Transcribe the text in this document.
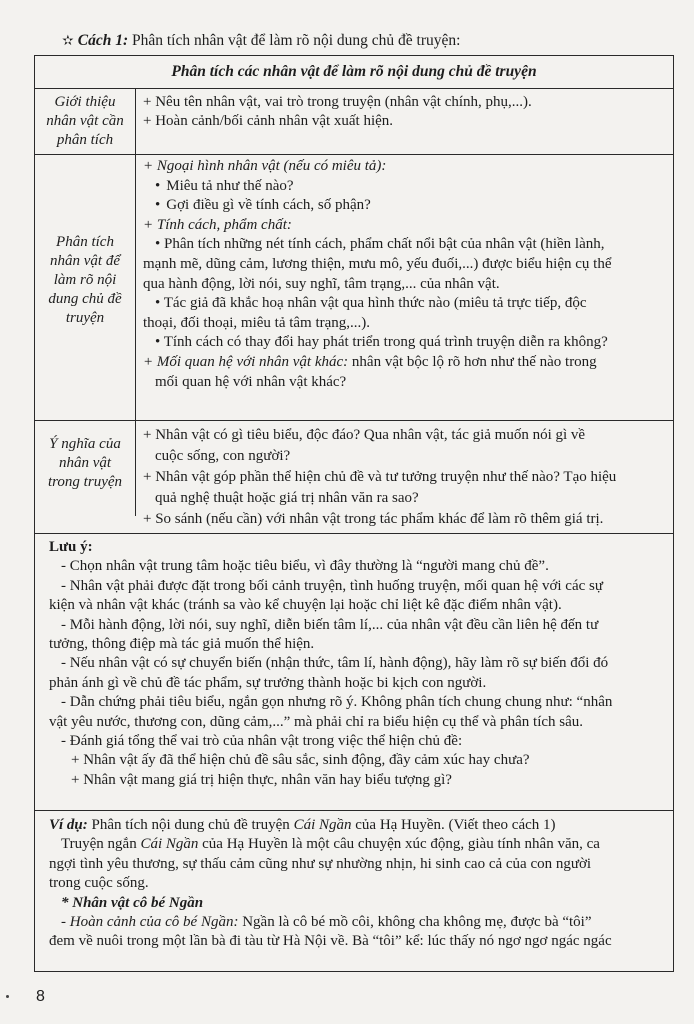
✫ Cách 1: Phân tích nhân vật để làm rõ nội dung chủ đề truyện:
Phân tích các nhân vật để làm rõ nội dung chủ đề truyện
Giới thiệu
nhân vật cần
phân tích
+ Nêu tên nhân vật, vai trò trong truyện (nhân vật chính, phụ,...).
+ Hoàn cảnh/bối cảnh nhân vật xuất hiện.
Phân tích
nhân vật để
làm rõ nội
dung chủ đề
truyện
+ Ngoại hình nhân vật (nếu có miêu tả):
• Miêu tả như thế nào?
• Gợi điều gì về tính cách, số phận?
+ Tính cách, phẩm chất:
• Phân tích những nét tính cách, phẩm chất nổi bật của nhân vật (hiền lành,
mạnh mẽ, dũng cảm, lương thiện, mưu mô, yếu đuối,...) được biểu hiện cụ thể
qua hành động, lời nói, suy nghĩ, tâm trạng,... của nhân vật.
• Tác giả đã khắc hoạ nhân vật qua hình thức nào (miêu tả trực tiếp, độc
thoại, đối thoại, miêu tả tâm trạng,...).
• Tính cách có thay đổi hay phát triển trong quá trình truyện diễn ra không?
+ Mối quan hệ với nhân vật khác: nhân vật bộc lộ rõ hơn như thế nào trong
mối quan hệ với nhân vật khác?
Ý nghĩa của
nhân vật
trong truyện
+ Nhân vật có gì tiêu biểu, độc đáo? Qua nhân vật, tác giả muốn nói gì về
cuộc sống, con người?
+ Nhân vật góp phần thể hiện chủ đề và tư tưởng truyện như thế nào? Tạo hiệu
quả nghệ thuật hoặc giá trị nhân văn ra sao?
+ So sánh (nếu cần) với nhân vật trong tác phẩm khác để làm rõ thêm giá trị.
Lưu ý:
- Chọn nhân vật trung tâm hoặc tiêu biểu, vì đây thường là “người mang chủ đề”.
- Nhân vật phải được đặt trong bối cảnh truyện, tình huống truyện, mối quan hệ với các sự
kiện và nhân vật khác (tránh sa vào kể chuyện lại hoặc chỉ liệt kê đặc điểm nhân vật).
- Mỗi hành động, lời nói, suy nghĩ, diễn biến tâm lí,... của nhân vật đều cần liên hệ đến tư
tưởng, thông điệp mà tác giả muốn thể hiện.
- Nếu nhân vật có sự chuyển biến (nhận thức, tâm lí, hành động), hãy làm rõ sự biến đổi đó
phản ánh gì về chủ đề tác phẩm, sự trưởng thành hoặc bi kịch con người.
- Dẫn chứng phải tiêu biểu, ngắn gọn nhưng rõ ý. Không phân tích chung chung như: “nhân
vật yêu nước, thương con, dũng cảm,...” mà phải chỉ ra biểu hiện cụ thể và phân tích sâu.
- Đánh giá tổng thể vai trò của nhân vật trong việc thể hiện chủ đề:
+ Nhân vật ấy đã thể hiện chủ đề sâu sắc, sinh động, đầy cảm xúc hay chưa?
+ Nhân vật mang giá trị hiện thực, nhân văn hay biểu tượng gì?
Ví dụ: Phân tích nội dung chủ đề truyện Cái Ngần của Hạ Huyền. (Viết theo cách 1)
Truyện ngắn Cái Ngần của Hạ Huyền là một câu chuyện xúc động, giàu tính nhân văn, ca
ngợi tình yêu thương, sự thấu cảm cũng như sự nhường nhịn, hi sinh cao cả của con người
trong cuộc sống.
* Nhân vật cô bé Ngần
- Hoàn cảnh của cô bé Ngần: Ngần là cô bé mồ côi, không cha không mẹ, được bà “tôi”
đem về nuôi trong một lần bà đi tàu từ Hà Nội về. Bà “tôi” kể: lúc thấy nó ngơ ngơ ngác ngác
8
